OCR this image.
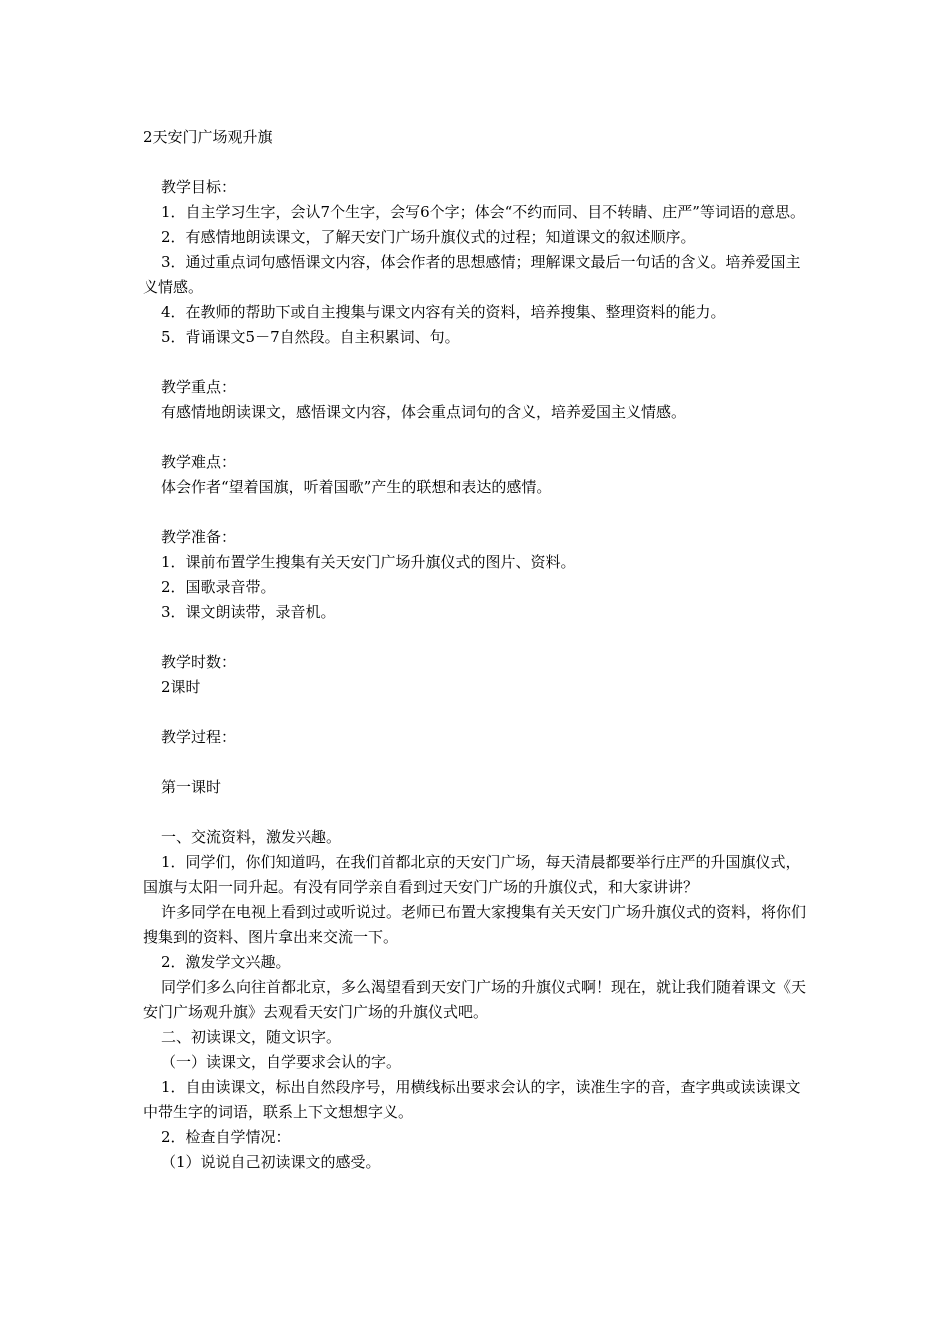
2天安门广场观升旗

教学目标：

1．自主学习生字，会认7个生字，会写6个字；体会“不约而同、目不转睛、庄严”等词语的意思。

2．有感情地朗读课文，了解天安门广场升旗仪式的过程；知道课文的叙述顺序。

3．通过重点词句感悟课文内容，体会作者的思想感情；理解课文最后一句话的含义。培养爱国主义情感。

4．在教师的帮助下或自主搜集与课文内容有关的资料，培养搜集、整理资料的能力。

5．背诵课文5－7自然段。自主积累词、句。

教学重点：

有感情地朗读课文，感悟课文内容，体会重点词句的含义，培养爱国主义情感。

教学难点：

体会作者“望着国旗，听着国歌”产生的联想和表达的感情。

教学准备：

1．课前布置学生搜集有关天安门广场升旗仪式的图片、资料。

2．国歌录音带。

3．课文朗读带，录音机。

教学时数：

2课时

教学过程：

第一课时

一、交流资料，激发兴趣。

1．同学们，你们知道吗，在我们首都北京的天安门广场，每天清晨都要举行庄严的升国旗仪式，国旗与太阳一同升起。有没有同学亲自看到过天安门广场的升旗仪式，和大家讲讲？

许多同学在电视上看到过或听说过。老师已布置大家搜集有关天安门广场升旗仪式的资料，将你们搜集到的资料、图片拿出来交流一下。

2．激发学文兴趣。

同学们多么向往首都北京，多么渴望看到天安门广场的升旗仪式啊！现在，就让我们随着课文《天安门广场观升旗》去观看天安门广场的升旗仪式吧。

二、初读课文，随文识字。

（一）读课文，自学要求会认的字。

1．自由读课文，标出自然段序号，用横线标出要求会认的字，读准生字的音，查字典或读读课文中带生字的词语，联系上下文想想字义。

2．检查自学情况：

（1）说说自己初读课文的感受。
